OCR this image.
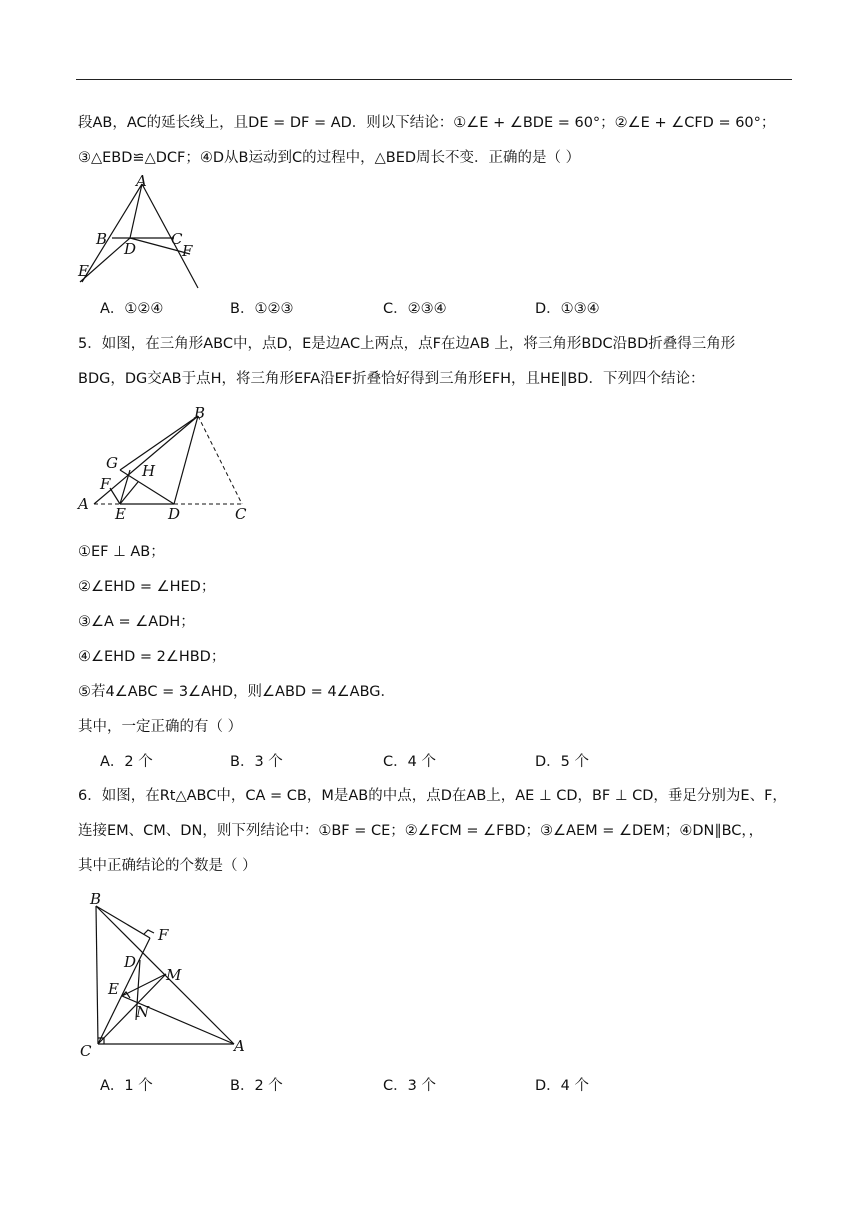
段AB，AC的延长线上，且DE = DF = AD．则以下结论：①∠E + ∠BDE = 60°；②∠E + ∠CFD = 60°；
③△EBD≌△DCF；④D从B运动到C的过程中，△BED周长不变．正确的是（ ）
A
B	C
D
E
F
A．①②④	B．①②③	C．②③④	D．①③④
5．如图，在三角形ABC中，点D，E是边AC上两点，点F在边AB 上，将三角形BDC沿BD折叠得三角形
BDG，DG交AB于点H，将三角形EFA沿EF折叠恰好得到三角形EFH，且HE∥BD．下列四个结论：
B
G H
F
A
E	D	C
①EF ⊥ AB；
②∠EHD = ∠HED；
③∠A = ∠ADH；
④∠EHD = 2∠HBD；
⑤若4∠ABC = 3∠AHD，则∠ABD = 4∠ABG．
其中，一定正确的有（ ）
A．2 个	B．3 个	C．4 个	D．5 个
6．如图，在Rt△ABC中，CA = CB，M是AB的中点，点D在AB上，AE ⊥ CD，BF ⊥ CD，垂足分别为E、F，
连接EM、CM、DN，则下列结论中：①BF = CE；②∠FCM = ∠FBD；③∠AEM = ∠DEM；④DN∥BC，，
其中正确结论的个数是（ ）
B
F
D
M
E
N
C	A
A．1 个	B．2 个	C．3 个	D．4 个
